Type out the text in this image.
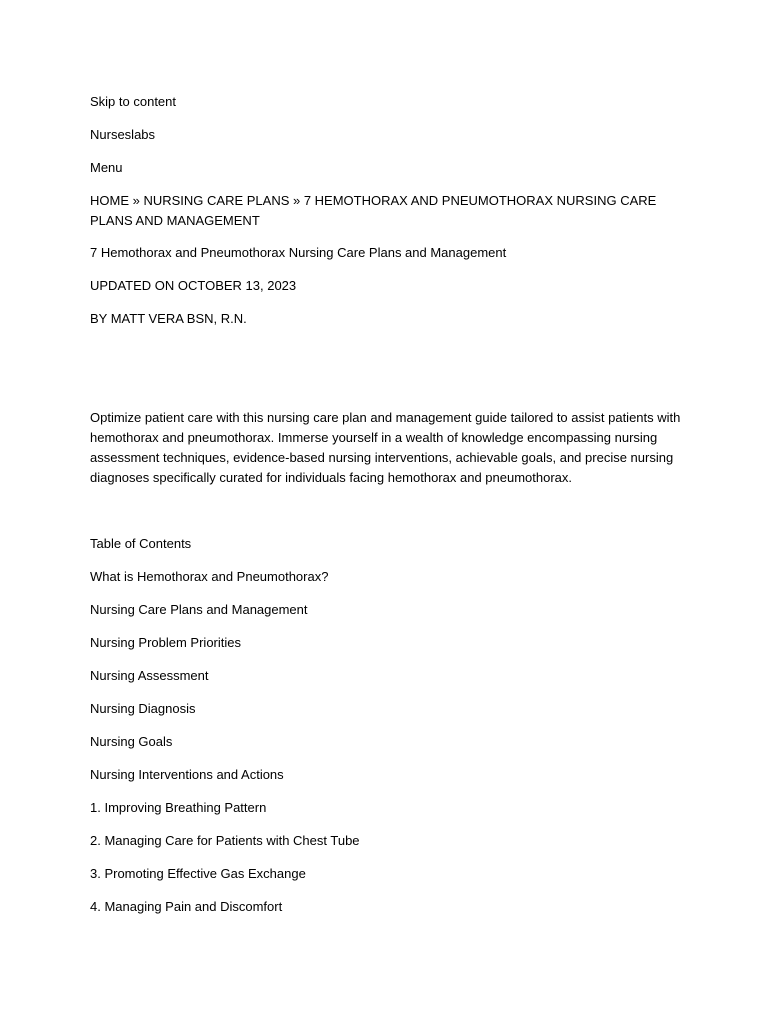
Skip to content
Nurseslabs
Menu
HOME » NURSING CARE PLANS » 7 HEMOTHORAX AND PNEUMOTHORAX NURSING CARE PLANS AND MANAGEMENT
7 Hemothorax and Pneumothorax Nursing Care Plans and Management
UPDATED ON OCTOBER 13, 2023
BY MATT VERA BSN, R.N.
Optimize patient care with this nursing care plan and management guide tailored to assist patients with hemothorax and pneumothorax. Immerse yourself in a wealth of knowledge encompassing nursing assessment techniques, evidence-based nursing interventions, achievable goals, and precise nursing diagnoses specifically curated for individuals facing hemothorax and pneumothorax.
Table of Contents
What is Hemothorax and Pneumothorax?
Nursing Care Plans and Management
Nursing Problem Priorities
Nursing Assessment
Nursing Diagnosis
Nursing Goals
Nursing Interventions and Actions
1. Improving Breathing Pattern
2. Managing Care for Patients with Chest Tube
3. Promoting Effective Gas Exchange
4. Managing Pain and Discomfort
